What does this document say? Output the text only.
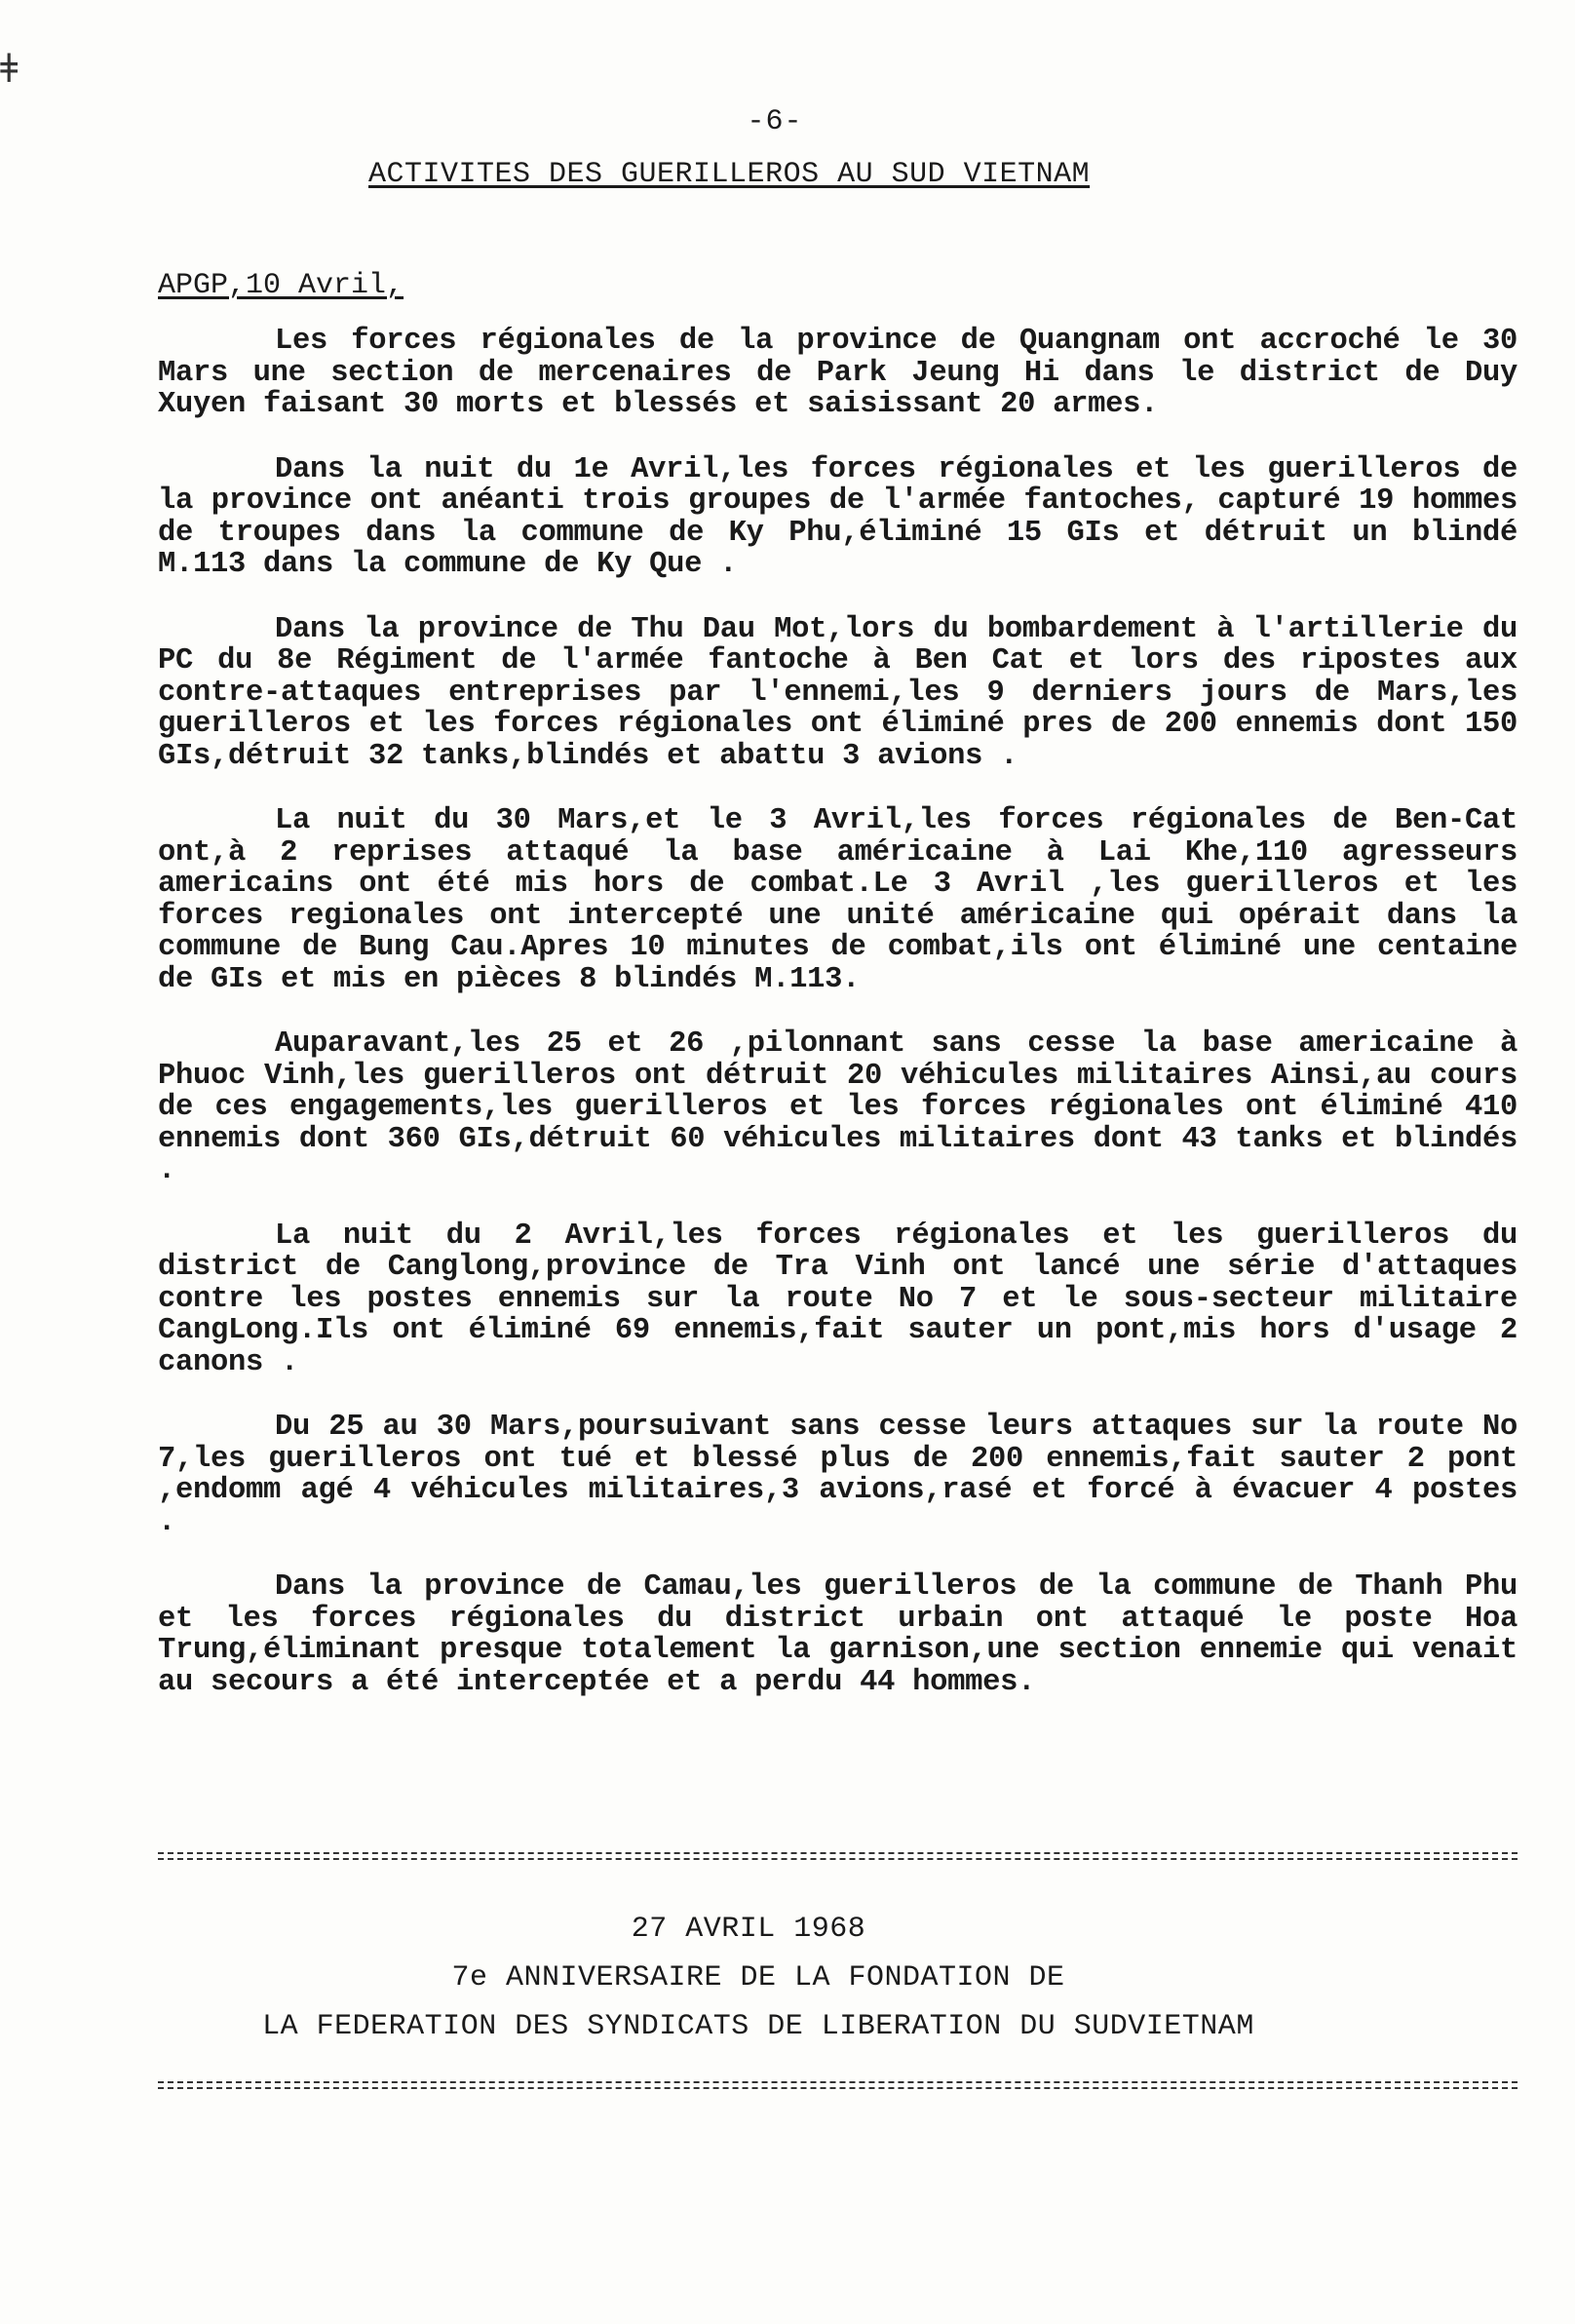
ǂ
-6-
ACTIVITES DES GUERILLEROS AU SUD VIETNAM
APGP,10 Avril,

Les forces régionales de la province de Quangnam ont accroché le 30 Mars une section de mercenaires de Park Jeung Hi dans le district de Duy Xuyen faisant 30 morts et blessés et saisissant 20 armes.

Dans la nuit du 1e Avril,les forces régionales et les guerilleros de la province ont anéanti trois groupes de l'armée fantoches, capturé 19 hommes de troupes dans la commune de Ky Phu,éliminé 15 GIs et détruit un blindé M.113 dans la commune de Ky Que .

Dans la province de Thu Dau Mot,lors du bombardement à l'artillerie du PC du 8e Régiment de l'armée fantoche à Ben Cat et lors des ripostes aux contre-attaques entreprises par l'ennemi,les 9 derniers jours de Mars,les guerilleros et les forces régionales ont éliminé pres de 200 ennemis dont 150 GIs,détruit 32 tanks,blindés et abattu 3 avions .

La nuit du 30 Mars,et le 3 Avril,les forces régionales de Ben-Cat ont,à 2 reprises attaqué la base américaine à Lai Khe,110 agresseurs americains ont été mis hors de combat.Le 3 Avril ,les guerilleros et les forces regionales ont intercepté une unité américaine qui opérait dans la commune de Bung Cau.Apres 10 minutes de combat,ils ont éliminé une centaine de GIs et mis en pièces 8 blindés M.113.

Auparavant,les 25 et 26 ,pilonnant sans cesse la base americaine à Phuoc Vinh,les guerilleros ont détruit 20 véhicules militaires Ainsi,au cours de ces engagements,les guerilleros et les forces régionales ont éliminé 410 ennemis dont 360 GIs,détruit 60 véhicules militaires dont 43 tanks et blindés .

La nuit du 2 Avril,les forces régionales et les guerilleros du district de Canglong,province de Tra Vinh ont lancé une série d'attaques contre les postes ennemis sur la route No 7 et le sous-secteur militaire CangLong.Ils ont éliminé 69 ennemis,fait sauter un pont,mis hors d'usage 2 canons .

Du 25 au 30 Mars,poursuivant sans cesse leurs attaques sur la route No 7,les guerilleros ont tué et blessé plus de 200 ennemis,fait sauter 2 pont ,endomm agé 4 véhicules militaires,3 avions,rasé et forcé à évacuer 4 postes .

Dans la province de Camau,les guerilleros de la commune de Thanh Phu et les forces régionales du district urbain ont attaqué le poste Hoa Trung,éliminant presque totalement la garnison,une section ennemie qui venait au secours a été interceptée et a perdu 44 hommes.

27 AVRIL 1968
7e ANNIVERSAIRE DE LA FONDATION DE
LA FEDERATION DES SYNDICATS DE LIBERATION DU SUDVIETNAM
